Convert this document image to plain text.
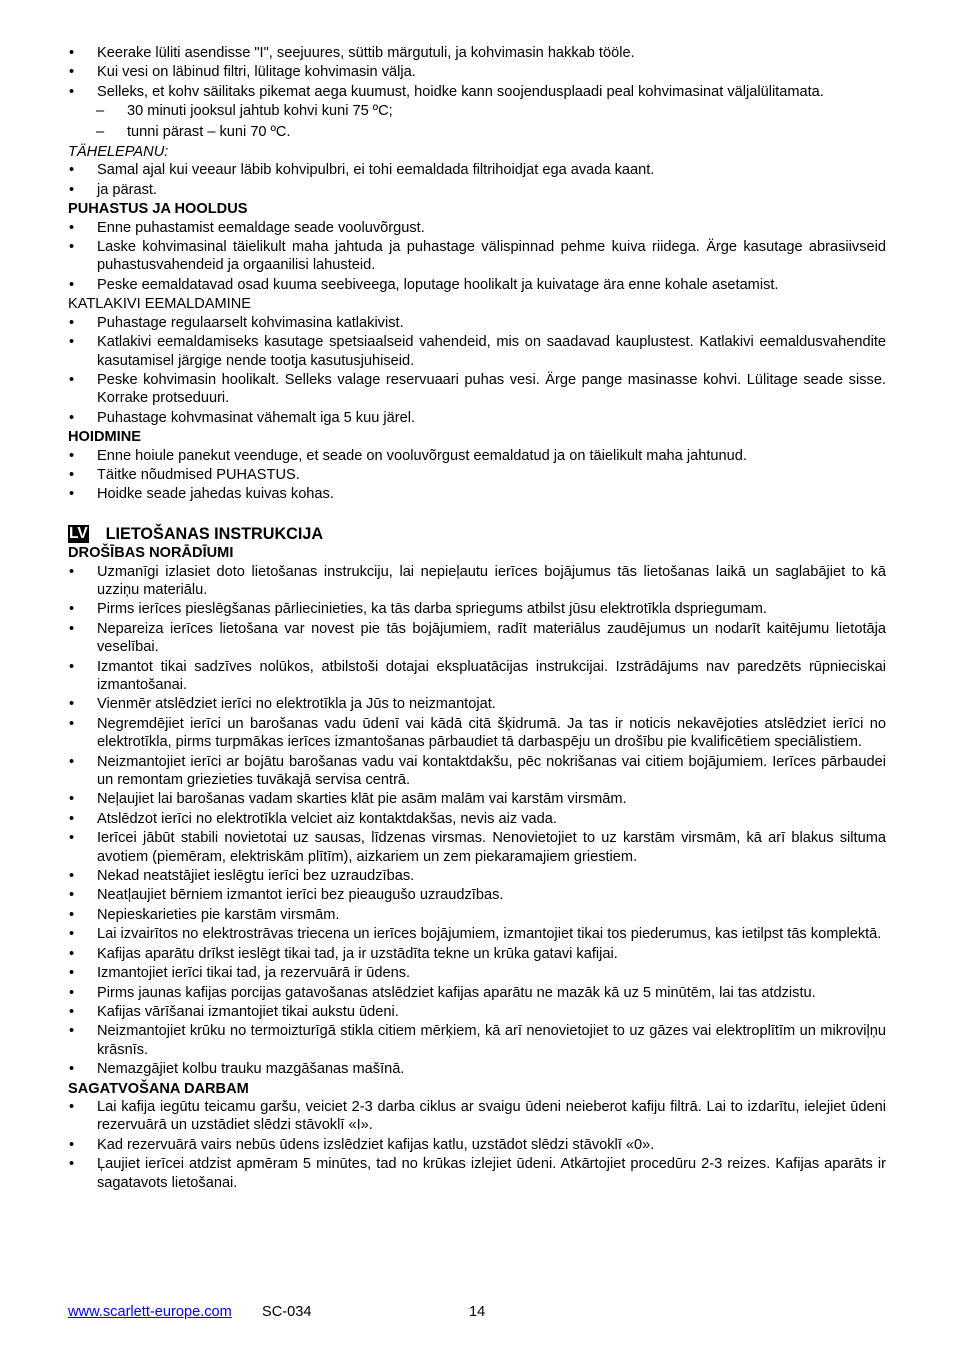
• Keerake lüliti asendisse "I", seejuures, süttib märgutuli, ja kohvimasin hakkab tööle.
• Kui vesi on läbinud filtri, lülitage kohvimasin välja.
• Selleks, et kohv säilitaks pikemat aega kuumust, hoidke kann soojendusplaadi peal kohvimasinat väljalülitamata.
– 30 minuti jooksul jahtub kohvi kuni 75 ºC;
– tunni pärast – kuni 70 ºC.
TÄHELEPANU:
• Samal ajal kui veeaur läbib kohvipulbri, ei tohi eemaldada filtrihoidjat ega avada kaant.
• ja pärast.
PUHASTUS JA HOOLDUS
• Enne puhastamist eemaldage seade vooluvõrgust.
• Laske kohvimasinal täielikult maha jahtuda ja puhastage välispinnad pehme kuiva riidega. Ärge kasutage abrasiivseid puhastusvahendeid ja orgaanilisi lahusteid.
• Peske eemaldatavad osad kuuma seebiveega, loputage hoolikalt ja kuivatage ära enne kohale asetamist.
KATLAKIVI EEMALDAMINE
• Puhastage regulaarselt kohvimasina katlakivist.
• Katlakivi eemaldamiseks kasutage spetsiaalseid vahendeid, mis on saadavad kauplustest. Katlakivi eemaldusvahendite kasutamisel järgige nende tootja kasutusjuhiseid.
• Peske kohvimasin hoolikalt. Selleks valage reservuaari puhas vesi. Ärge pange masinasse kohvi. Lülitage seade sisse. Korrake protseduuri.
• Puhastage kohvmasinat vähemalt iga 5 kuu järel.
HOIDMINE
• Enne hoiule panekut veenduge, et seade on vooluvõrgust eemaldatud ja on täielikult maha jahtunud.
• Täitke nõudmised PUHASTUS.
• Hoidke seade jahedas kuivas kohas.
LV LIETOŠANAS INSTRUKCIJA
DROŠĪBAS NORĀDĪUMI
• Uzmanīgi izlasiet doto lietošanas instrukciju, lai nepieļautu ierīces bojājumus tās lietošanas laikā un saglabājiet to kā uzziņu materiālu.
• Pirms ierīces pieslēgšanas pārliecinieties, ka tās darba spriegums atbilst jūsu elektrotīkla dspriegumam.
• Nepareiza ierīces lietošana var novest pie tās bojājumiem, radīt materiālus zaudējumus un nodarīt kaitējumu lietotāja veselībai.
• Izmantot tikai sadzīves nolūkos, atbilstoši dotajai ekspluatācijas instrukcijai. Izstrādājums nav paredzēts rūpnieciskai izmantošanai.
• Vienmēr atslēdziet ierīci no elektrotīkla ja Jūs to neizmantojat.
• Negremdējiet ierīci un barošanas vadu ūdenī vai kādā citā šķidrumā. Ja tas ir noticis nekavējoties atslēdziet ierīci no elektrotīkla, pirms turpmākas ierīces izmantošanas pārbaudiet tā darbaspēju un drošību pie kvalificētiem speciālistiem.
• Neizmantojiet ierīci ar bojātu barošanas vadu vai kontaktdakšu, pēc nokrišanas vai citiem bojājumiem. Ierīces pārbaudei un remontam griezieties tuvākajā servisa centrā.
• Neļaujiet lai barošanas vadam skarties klāt pie asām malām vai karstām virsmām.
• Atslēdzot ierīci no elektrotīkla velciet aiz kontaktdakšas, nevis aiz vada.
• Ierīcei jābūt stabili novietotai uz sausas, līdzenas virsmas. Nenovietojiet to uz karstām virsmām, kā arī blakus siltuma avotiem (piemēram, elektriskām plītīm), aizkariem un zem piekaramajiem griestiem.
• Nekad neatstājiet ieslēgtu ierīci bez uzraudzības.
• Neatļaujiet bērniem izmantot ierīci bez pieaugušo uzraudzības.
• Nepieskarieties pie karstām virsmām.
• Lai izvairītos no elektrostrāvas triecena un ierīces bojājumiem, izmantojiet tikai tos piederumus, kas ietilpst tās komplektā.
• Kafijas aparātu drīkst ieslēgt tikai tad, ja ir uzstādīta tekne un krūka gatavi kafijai.
• Izmantojiet ierīci tikai tad, ja rezervuārā ir ūdens.
• Pirms jaunas kafijas porcijas gatavošanas atslēdziet kafijas aparātu ne mazāk kā uz 5 minūtēm, lai tas atdzistu.
• Kafijas vārīšanai izmantojiet tikai aukstu ūdeni.
• Neizmantojiet krūku no termoizturīgā stikla citiem mērķiem, kā arī nenovietojiet to uz gāzes vai elektroplītīm un mikroviļņu krāsnīs.
• Nemazgājiet kolbu trauku mazgāšanas mašīnā.
SAGATVOŠANA DARBAM
• Lai kafija iegūtu teicamu garšu, veiciet 2-3 darba ciklus ar svaigu ūdeni neieberot kafiju filtrā. Lai to izdarītu, ielejiet ūdeni rezervuārā un uzstādiet slēdzi stāvoklī «I».
• Kad rezervuārā vairs nebūs ūdens izslēdziet kafijas katlu, uzstādot slēdzi stāvoklī «0».
• Ļaujiet ierīcei atdzist apmēram 5 minūtes, tad no krūkas izlejiet ūdeni. Atkārtojiet procedūru 2-3 reizes. Kafijas aparāts ir sagatavots lietošanai.
www.scarlett-europe.com SC-034	14
